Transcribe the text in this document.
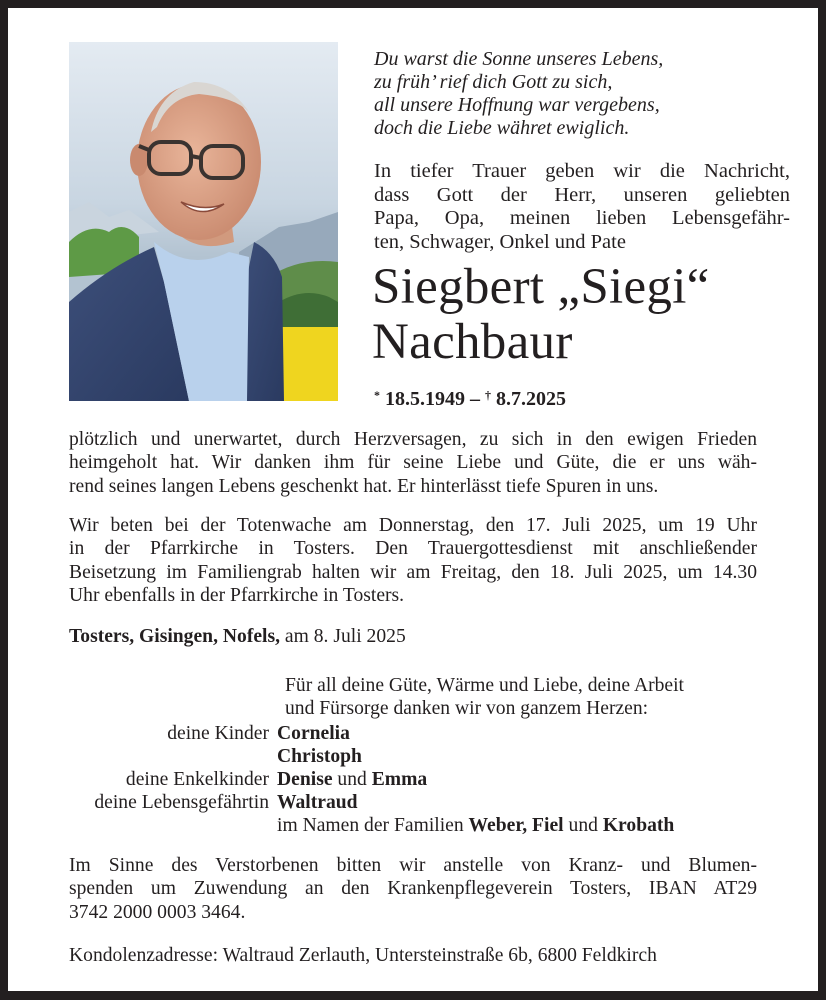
Du warst die Sonne unseres Lebens,
zu früh’ rief dich Gott zu sich,
all unsere Hoffnung war vergebens,
doch die Liebe währet ewiglich.
In tiefer Trauer geben wir die Nachricht,
dass Gott der Herr, unseren geliebten
Papa, Opa, meinen lieben Lebensgefähr-
ten, Schwager, Onkel und Pate
Siegbert „Siegi“
Nachbaur
* 18.5.1949 – † 8.7.2025
plötzlich und unerwartet, durch Herzversagen, zu sich in den ewigen Frieden
heimgeholt hat. Wir danken ihm für seine Liebe und Güte, die er uns wäh-
rend seines langen Lebens geschenkt hat. Er hinterlässt tiefe Spuren in uns.
Wir beten bei der Totenwache am Donnerstag, den 17. Juli 2025, um 19 Uhr
in der Pfarrkirche in Tosters. Den Trauergottesdienst mit anschließender
Beisetzung im Familiengrab halten wir am Freitag, den 18. Juli 2025, um 14.30
Uhr ebenfalls in der Pfarrkirche in Tosters.
Tosters, Gisingen, Nofels, am 8. Juli 2025
Für all deine Güte, Wärme und Liebe, deine Arbeit
und Fürsorge danken wir von ganzem Herzen:
deine Kinder Cornelia
Christoph
deine Enkelkinder Denise und Emma
deine Lebensgefährtin Waltraud
im Namen der Familien Weber, Fiel und Krobath
Im Sinne des Verstorbenen bitten wir anstelle von Kranz- und Blumen-
spenden um Zuwendung an den Krankenpflegeverein Tosters, IBAN AT29
3742 2000 0003 3464.
Kondolenzadresse: Waltraud Zerlauth, Untersteinstraße 6b, 6800 Feldkirch
